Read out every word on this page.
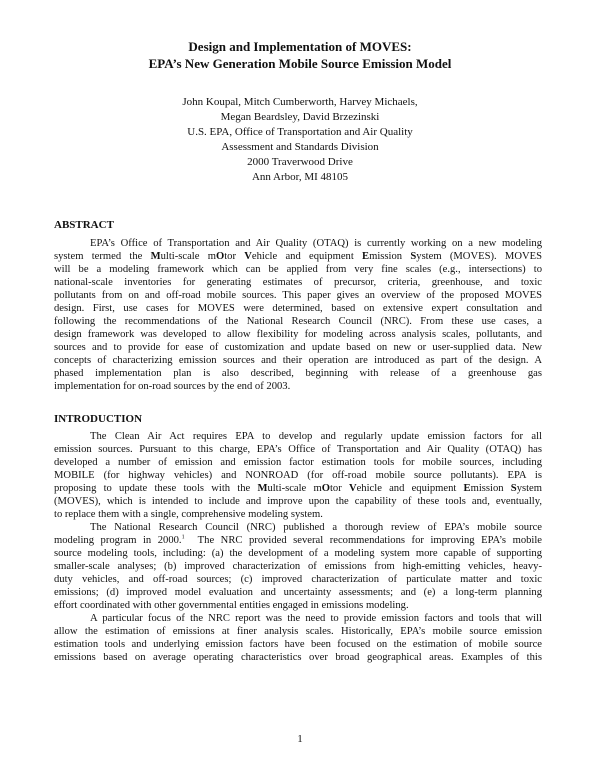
Design and Implementation of MOVES:
EPA’s New Generation Mobile Source Emission Model
John Koupal, Mitch Cumberworth, Harvey Michaels,
Megan Beardsley, David Brzezinski
U.S. EPA, Office of Transportation and Air Quality
Assessment and Standards Division
2000 Traverwood Drive
Ann Arbor, MI 48105
ABSTRACT
EPA’s Office of Transportation and Air Quality (OTAQ) is currently working on a new modeling
system termed the Multi-scale mOtor Vehicle and equipment Emission System (MOVES). MOVES
will be a modeling framework which can be applied from very fine scales (e.g., intersections) to
national-scale inventories for generating estimates of precursor, criteria, greenhouse, and toxic
pollutants from on and off-road mobile sources. This paper gives an overview of the proposed MOVES
design. First, use cases for MOVES were determined, based on extensive expert consultation and
following the recommendations of the National Research Council (NRC). From these use cases, a
design framework was developed to allow flexibility for modeling across analysis scales, pollutants, and
sources and to provide for ease of customization and update based on new or user-supplied data. New
concepts of characterizing emission sources and their operation are introduced as part of the design. A
phased implementation plan is also described, beginning with release of a greenhouse gas
implementation for on-road sources by the end of 2003.
INTRODUCTION
The Clean Air Act requires EPA to develop and regularly update emission factors for all
emission sources. Pursuant to this charge, EPA’s Office of Transportation and Air Quality (OTAQ) has
developed a number of emission and emission factor estimation tools for mobile sources, including
MOBILE (for highway vehicles) and NONROAD (for off-road mobile source pollutants). EPA is
proposing to update these tools with the Multi-scale mOtor Vehicle and equipment Emission System
(MOVES), which is intended to include and improve upon the capability of these tools and, eventually,
to replace them with a single, comprehensive modeling system.
The National Research Council (NRC) published a thorough review of EPA’s mobile source
modeling program in 2000.$^1$ The NRC provided several recommendations for improving EPA’s mobile
source modeling tools, including: (a) the development of a modeling system more capable of supporting
smaller-scale analyses; (b) improved characterization of emissions from high-emitting vehicles, heavy-
duty vehicles, and off-road sources; (c) improved characterization of particulate matter and toxic
emissions; (d) improved model evaluation and uncertainty assessments; and (e) a long-term planning
effort coordinated with other governmental entities engaged in emissions modeling.
A particular focus of the NRC report was the need to provide emission factors and tools that will
allow the estimation of emissions at finer analysis scales. Historically, EPA’s mobile source emission
estimation tools and underlying emission factors have been focused on the estimation of mobile source
emissions based on average operating characteristics over broad geographical areas. Examples of this
1
